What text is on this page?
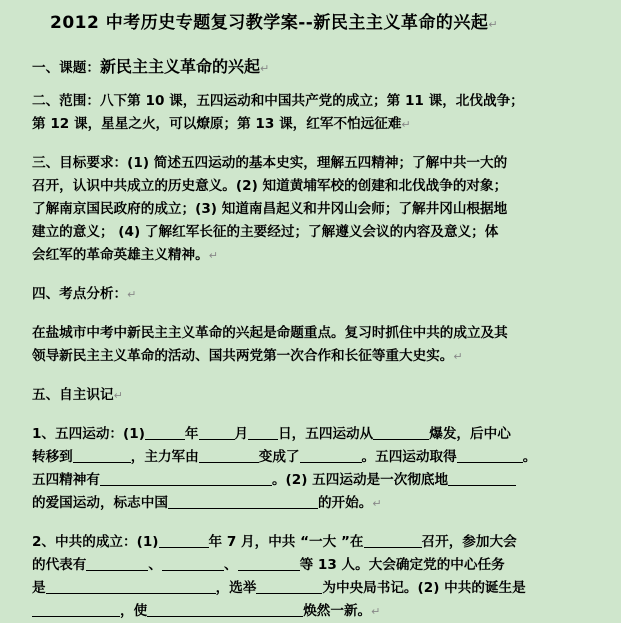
2012 中考历史专题复习教学案--新民主主义革命的兴起↵

一、课题：新民主主义革命的兴起↵

二、范围：八下第 10 课，五四运动和中国共产党的成立；第 11 课，北伐战争；
第 12 课，星星之火，可以燎原；第 13 课，红军不怕远征难↵

三、目标要求：(1) 简述五四运动的基本史实，理解五四精神；了解中共一大的
召开，认识中共成立的历史意义。(2) 知道黄埔军校的创建和北伐战争的对象；
了解南京国民政府的成立；(3) 知道南昌起义和井冈山会师；了解井冈山根据地
建立的意义； (4) 了解红军长征的主要经过；了解遵义会议的内容及意义；体
会红军的革命英雄主义精神。↵

四、考点分析：↵

在盐城市中考中新民主主义革命的兴起是命题重点。复习时抓住中共的成立及其
领导新民主主义革命的活动、国共两党第一次合作和长征等重大史实。↵

五、自主识记↵

1、五四运动：(1)	年	月 日，五四运动从	爆发，后中心
转移到	，主力军由	变成了	。五四运动取得	。
五四精神有	。(2) 五四运动是一次彻底地
的爱国运动，标志中国	的开始。↵

2、中共的成立：(1)	年 7 月，中共 “一大 ”在	召开，参加大会
的代表有	、	、	等 13 人。大会确定党的中心任务
是	，选举	为中央局书记。(2) 中共的诞生是
，使	焕然一新。↵
